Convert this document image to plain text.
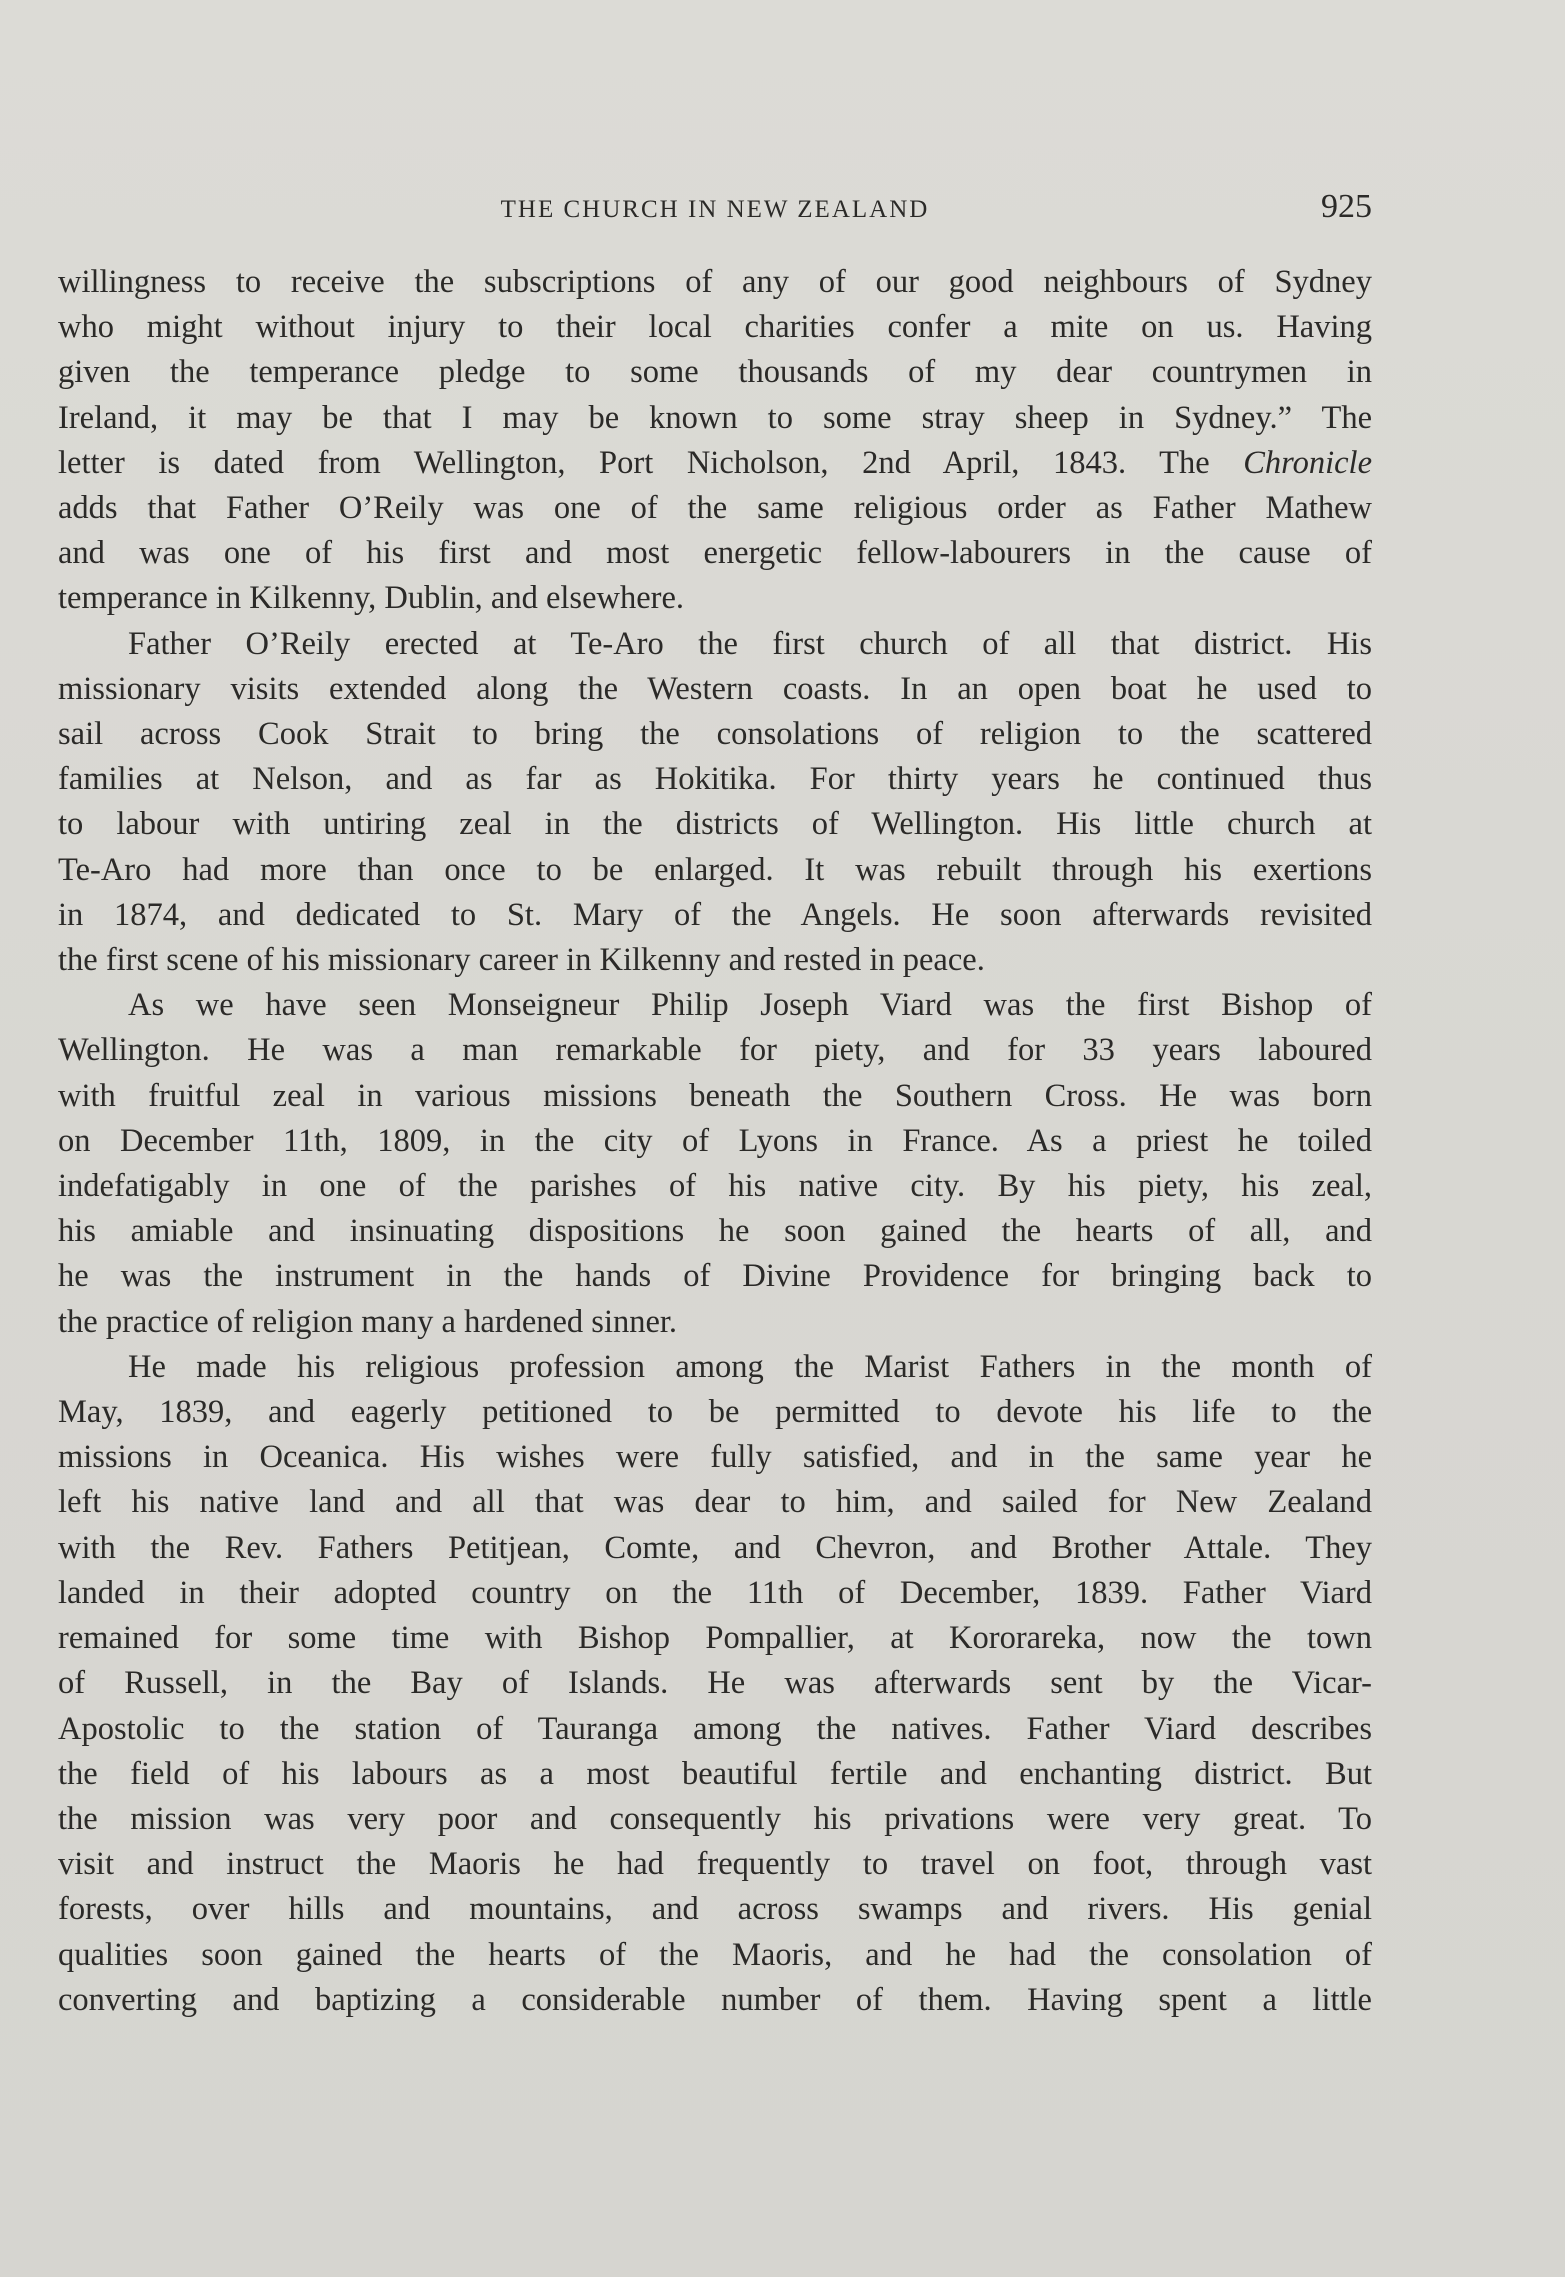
THE CHURCH IN NEW ZEALAND	925
willingness to receive the subscriptions of any of our good neighbours of Sydney
who might without injury to their local charities confer a mite on us. Having
given the temperance pledge to some thousands of my dear countrymen in
Ireland, it may be that I may be known to some stray sheep in Sydney.” The
letter is dated from Wellington, Port Nicholson, 2nd April, 1843. The Chronicle
adds that Father O’Reily was one of the same religious order as Father Mathew
and was one of his first and most energetic fellow-labourers in the cause of
temperance in Kilkenny, Dublin, and elsewhere.
Father O’Reily erected at Te-Aro the first church of all that district. His
missionary visits extended along the Western coasts. In an open boat he used to
sail across Cook Strait to bring the consolations of religion to the scattered
families at Nelson, and as far as Hokitika. For thirty years he continued thus
to labour with untiring zeal in the districts of Wellington. His little church at
Te-Aro had more than once to be enlarged. It was rebuilt through his exertions
in 1874, and dedicated to St. Mary of the Angels. He soon afterwards revisited
the first scene of his missionary career in Kilkenny and rested in peace.
As we have seen Monseigneur Philip Joseph Viard was the first Bishop of
Wellington. He was a man remarkable for piety, and for 33 years laboured
with fruitful zeal in various missions beneath the Southern Cross. He was born
on December 11th, 1809, in the city of Lyons in France. As a priest he toiled
indefatigably in one of the parishes of his native city. By his piety, his zeal,
his amiable and insinuating dispositions he soon gained the hearts of all, and
he was the instrument in the hands of Divine Providence for bringing back to
the practice of religion many a hardened sinner.
He made his religious profession among the Marist Fathers in the month of
May, 1839, and eagerly petitioned to be permitted to devote his life to the
missions in Oceanica. His wishes were fully satisfied, and in the same year he
left his native land and all that was dear to him, and sailed for New Zealand
with the Rev. Fathers Petitjean, Comte, and Chevron, and Brother Attale. They
landed in their adopted country on the 11th of December, 1839. Father Viard
remained for some time with Bishop Pompallier, at Kororareka, now the town
of Russell, in the Bay of Islands. He was afterwards sent by the Vicar-
Apostolic to the station of Tauranga among the natives. Father Viard describes
the field of his labours as a most beautiful fertile and enchanting district. But
the mission was very poor and consequently his privations were very great. To
visit and instruct the Maoris he had frequently to travel on foot, through vast
forests, over hills and mountains, and across swamps and rivers. His genial
qualities soon gained the hearts of the Maoris, and he had the consolation of
converting and baptizing a considerable number of them. Having spent a little
